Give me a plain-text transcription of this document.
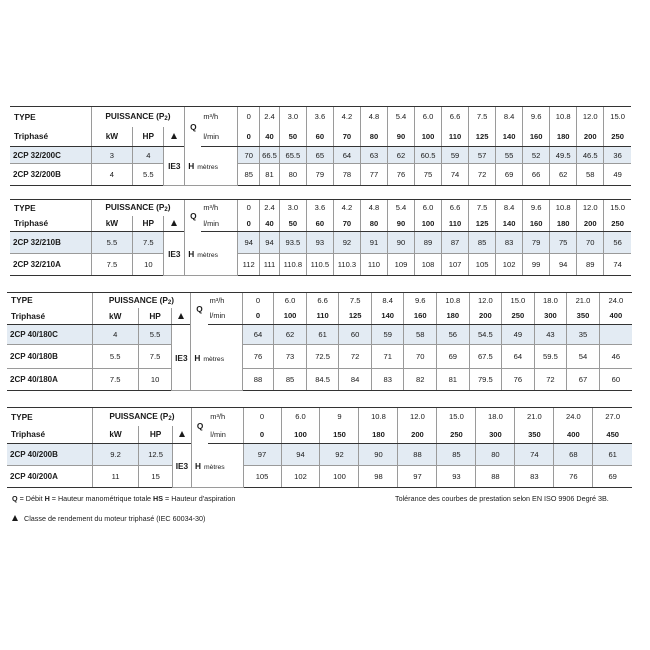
TYPE	PUISSANCE (P2)			Q	m³/h	0	2.4	3.0	3.6	4.2	4.8	5.4	6.0	6.6	7.5	8.4	9.6	10.8	12.0	15.0
Triphasé	kW	HP			l/min	0	40	50	60	70	80	90	100	110	125	140	160	180	200	250
2CP 32/200C	3	4	IE3	H mètres		70	66.5	65.5	65	64	63	62	60.5	59	57	55	52	49.5	46.5	36
2CP 32/200B	4	5.5				85	81	80	79	78	77	76	75	74	72	69	66	62	58	49
TYPE	PUISSANCE (P2)			Q	m³/h	0	2.4	3.0	3.6	4.2	4.8	5.4	6.0	6.6	7.5	8.4	9.6	10.8	12.0	15.0
Triphasé	kW	HP			l/min	0	40	50	60	70	80	90	100	110	125	140	160	180	200	250
2CP 32/210B	5.5	7.5	IE3	H mètres		94	94	93.5	93	92	91	90	89	87	85	83	79	75	70	56
2CP 32/210A	7.5	10				112	111	110.8	110.5	110.3	110	109	108	107	105	102	99	94	89	74
TYPE	PUISSANCE (P2)			Q	m³/h	0	6.0	6.6	7.5	8.4	9.6	10.8	12.0	15.0	18.0	21.0	24.0
Triphasé	kW	HP			l/min	0	100	110	125	140	160	180	200	250	300	350	400
2CP 40/180C	4	5.5	IE3	H mètres		64	62	61	60	59	58	56	54.5	49	43	35	
2CP 40/180B	5.5	7.5				76	73	72.5	72	71	70	69	67.5	64	59.5	54	46
2CP 40/180A	7.5	10				88	85	84.5	84	83	82	81	79.5	76	72	67	60
TYPE	PUISSANCE (P2)			Q	m³/h	0	6.0	9	10.8	12.0	15.0	18.0	21.0	24.0	27.0
Triphasé	kW	HP			l/min	0	100	150	180	200	250	300	350	400	450
2CP 40/200B	9.2	12.5	IE3	H mètres		97	94	92	90	88	85	80	74	68	61
2CP 40/200A	11	15				105	102	100	98	97	93	88	83	76	69
Q = Débit H = Hauteur manométrique totale HS = Hauteur d'aspiration	Tolérance des courbes de prestation selon EN ISO 9906 Degré 3B.
Classe de rendement du moteur triphasé (IEC 60034-30)
